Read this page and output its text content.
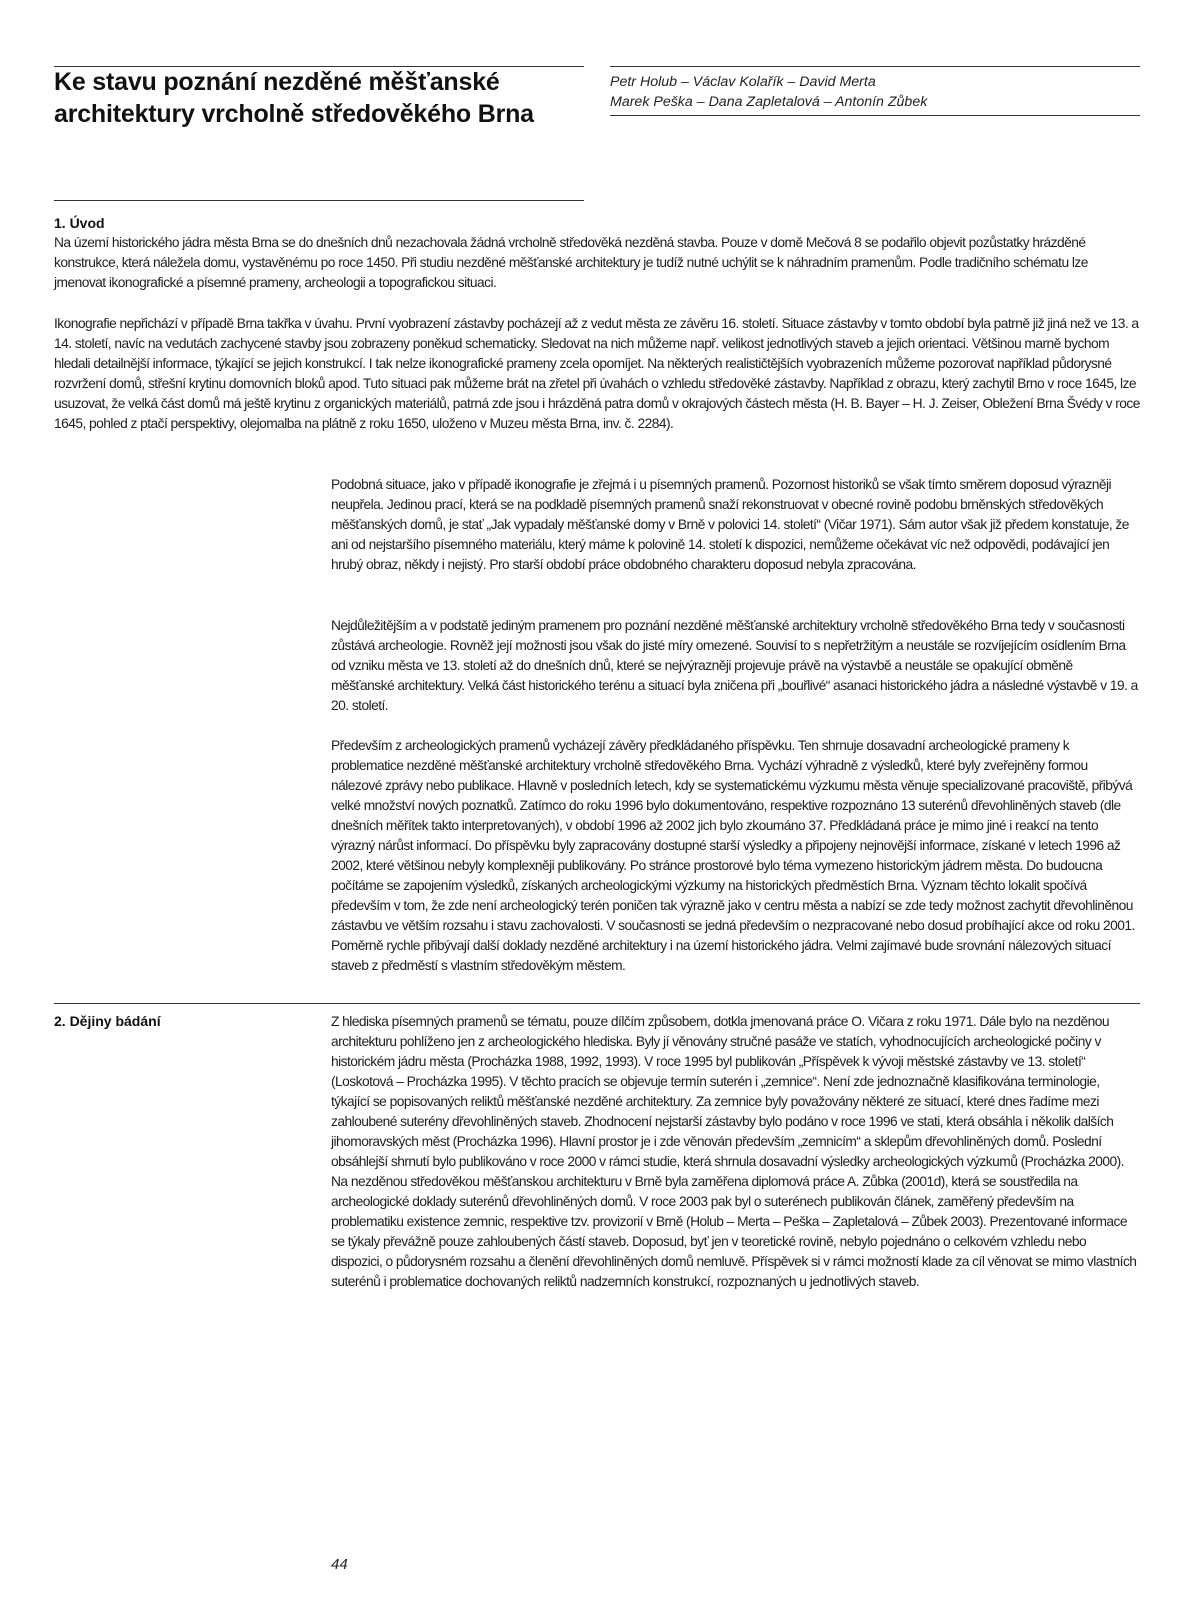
Ke stavu poznání nezděné měšťanské architektury vrcholně středověkého Brna
Petr Holub – Václav Kolařík – David Merta
Marek Peška – Dana Zapletalová – Antonín Zůbek
1. Úvod

Na území historického jádra města Brna se do dnešních dnů nezachovala žádná vrcholně středověká nezděná stavba. Pouze v domě Mečová 8 se podařilo objevit pozůstatky hrázděné konstrukce, která náležela domu, vystavěnému po roce 1450. Při studiu nezděné měšťanské architektury je tudíž nutné uchýlit se k náhradním pramenům. Podle tradičního schématu lze jmenovat ikonografické a písemné prameny, archeologii a topografickou situaci.

Ikonografie nepřichází v případě Brna takřka v úvahu. První vyobrazení zástavby pocházejí až z vedut města ze závěru 16. století. Situace zástavby v tomto období byla patrně již jiná než ve 13. a 14. století, navíc na vedutách zachycené stavby jsou zobrazeny poněkud schematicky. Sledovat na nich můžeme např. velikost jednotlivých staveb a jejich orientaci. Většinou marně bychom hledali detailnější informace, týkající se jejich konstrukcí. I tak nelze ikonografické prameny zcela opomíjet. Na některých realističtějších vyobrazeních můžeme pozorovat například půdorysné rozvržení domů, střešní krytinu domovních bloků apod. Tuto situaci pak můžeme brát na zřetel při úvahách o vzhledu středověké zástavby. Například z obrazu, který zachytil Brno v roce 1645, lze usuzovat, že velká část domů má ještě krytinu z organických materiálů, patrná zde jsou i hrázděná patra domů v okrajových částech města (H. B. Bayer – H. J. Zeiser, Obležení Brna Švédy v roce 1645, pohled z ptačí perspektivy, olejomalba na plátně z roku 1650, uloženo v Muzeu města Brna, inv. č. 2284).

Podobná situace, jako v případě ikonografie je zřejmá i u písemných pramenů. Pozornost historiků se však tímto směrem doposud výrazněji neupřela. Jedinou prací, která se na podkladě písemných pramenů snaží rekonstruovat v obecné rovině podobu brněnských středověkých měšťanských domů, je stať „Jak vypadaly měšťanské domy v Brně v polovici 14. století“ (Vičar 1971). Sám autor však již předem konstatuje, že ani od nejstaršího písemného materiálu, který máme k polovině 14. století k dispozici, nemůžeme očekávat víc než odpovědi, podávající jen hrubý obraz, někdy i nejistý. Pro starší období práce obdobného charakteru doposud nebyla zpracována.

Nejdůležitějším a v podstatě jediným pramenem pro poznání nezděné měšťanské architektury vrcholně středověkého Brna tedy v současnosti zůstává archeologie. Rovněž její možnosti jsou však do jisté míry omezené. Souvisí to s nepřetržitým a neustále se rozvíjejícím osídlením Brna od vzniku města ve 13. století až do dnešních dnů, které se nejvýrazněji projevuje právě na výstavbě a neustále se opakující obměně měšťanské architektury. Velká část historického terénu a situací byla zničena při „bouřlivé“ asanaci historického jádra a následné výstavbě v 19. a 20. století.

Především z archeologických pramenů vycházejí závěry předkládaného příspěvku. Ten shrnuje dosavadní archeologické prameny k problematice nezděné měšťanské architektury vrcholně středověkého Brna. Vychází výhradně z výsledků, které byly zveřejněny formou nálezové zprávy nebo publikace. Hlavně v posledních letech, kdy se systematickému výzkumu města věnuje specializované pracoviště, přibývá velké množství nových poznatků. Zatímco do roku 1996 bylo dokumentováno, respektive rozpoznáno 13 suterénů dřevohliněných staveb (dle dnešních měřítek takto interpretovaných), v období 1996 až 2002 jich bylo zkoumáno 37. Předkládaná práce je mimo jiné i reakcí na tento výrazný nárůst informací. Do příspěvku byly zapracovány dostupné starší výsledky a připojeny nejnovější informace, získané v letech 1996 až 2002, které většinou nebyly komplexněji publikovány. Po stránce prostorové bylo téma vymezeno historickým jádrem města. Do budoucna počítáme se zapojením výsledků, získaných archeologickými výzkumy na historických předměstích Brna. Význam těchto lokalit spočívá především v tom, že zde není archeologický terén poničen tak výrazně jako v centru města a nabízí se zde tedy možnost zachytit dřevohliněnou zástavbu ve větším rozsahu i stavu zachovalosti. V současnosti se jedná především o nezpracované nebo dosud probíhající akce od roku 2001. Poměrně rychle přibývají další doklady nezděné architektury i na území historického jádra. Velmi zajímavé bude srovnání nálezových situací staveb z předměstí s vlastním středověkým městem.

2. Dějiny bádání	Z hlediska písemných pramenů se tématu, pouze dílčím způsobem, dotkla jmenovaná práce O. Vičara z roku 1971. Dále bylo na nezděnou architekturu pohlíženo jen z archeologického hlediska. Byly jí věnovány stručné pasáže ve statích, vyhodnocujících archeologické počiny v historickém jádru města (Procházka 1988, 1992, 1993). V roce 1995 byl publikován „Příspěvek k vývoji městské zástavby ve 13. století“ (Loskotová – Procházka 1995). V těchto pracích se objevuje termín suterén i „zemnice“. Není zde jednoznačně klasifikována terminologie, týkající se popisovaných reliktů měšťanské nezděné architektury. Za zemnice byly považovány některé ze situací, které dnes řadíme mezi zahloubené suterény dřevohliněných staveb. Zhodnocení nejstarší zástavby bylo podáno v roce 1996 ve stati, která obsáhla i několik dalších jihomoravských měst (Procházka 1996). Hlavní prostor je i zde věnován především „zemnicím“ a sklepům dřevohliněných domů. Poslední obsáhlejší shrnutí bylo publikováno v roce 2000 v rámci studie, která shrnula dosavadní výsledky archeologických výzkumů (Procházka 2000). Na nezděnou středověkou měšťanskou architekturu v Brně byla zaměřena diplomová práce A. Zůbka (2001d), která se soustředila na archeologické doklady suterénů dřevohliněných domů. V roce 2003 pak byl o suterénech publikován článek, zaměřený především na problematiku existence zemnic, respektive tzv. provizorií v Brně (Holub – Merta – Peška – Zapletalová – Zůbek 2003). Prezentované informace se týkaly převážně pouze zahloubených částí staveb. Doposud, byť jen v teoretické rovině, nebylo pojednáno o celkovém vzhledu nebo dispozici, o půdorysném rozsahu a členění dřevohliněných domů nemluvě. Příspěvek si v rámci možností klade za cíl věnovat se mimo vlastních suterénů i problematice dochovaných reliktů nadzemních konstrukcí, rozpoznaných u jednotlivých staveb.

44
